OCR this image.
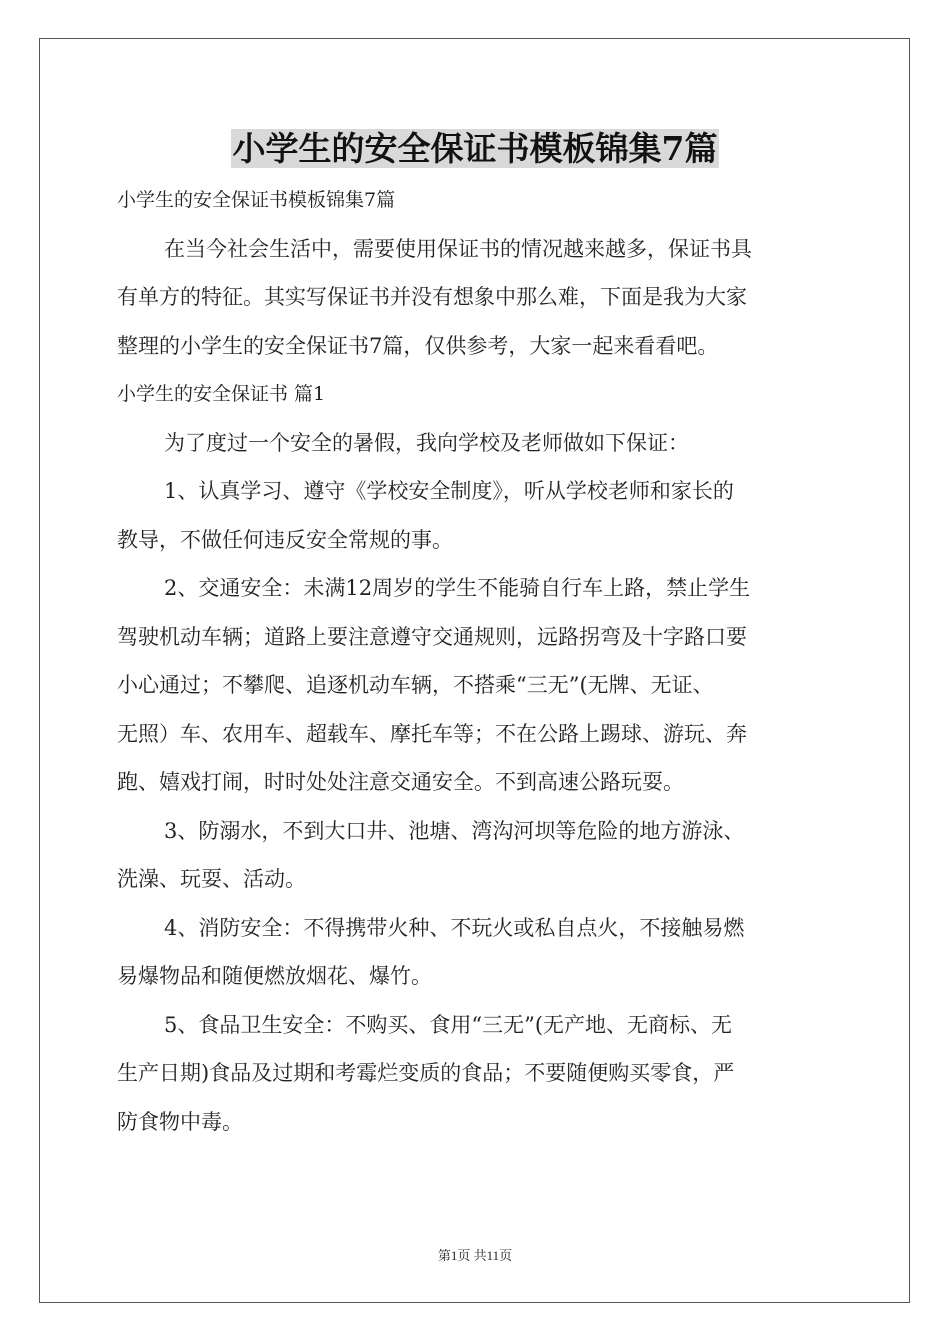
小学生的安全保证书模板锦集7篇
小学生的安全保证书模板锦集7篇
在当今社会生活中，需要使用保证书的情况越来越多，保证书具
有单方的特征。其实写保证书并没有想象中那么难，下面是我为大家
整理的小学生的安全保证书7篇，仅供参考，大家一起来看看吧。
小学生的安全保证书 篇1
为了度过一个安全的暑假，我向学校及老师做如下保证：
1、认真学习、遵守《学校安全制度》，听从学校老师和家长的
教导，不做任何违反安全常规的事。
2、交通安全：未满12周岁的学生不能骑自行车上路，禁止学生
驾驶机动车辆；道路上要注意遵守交通规则，远路拐弯及十字路口要
小心通过；不攀爬、追逐机动车辆，不搭乘“三无”(无牌、无证、
无照）车、农用车、超载车、摩托车等；不在公路上踢球、游玩、奔
跑、嬉戏打闹，时时处处注意交通安全。不到高速公路玩耍。
3、防溺水，不到大口井、池塘、湾沟河坝等危险的地方游泳、
洗澡、玩耍、活动。
4、消防安全：不得携带火种、不玩火或私自点火，不接触易燃
易爆物品和随便燃放烟花、爆竹。
5、食品卫生安全：不购买、食用“三无”(无产地、无商标、无
生产日期)食品及过期和考霉烂变质的食品；不要随便购买零食，严
防食物中毒。
第1页 共11页
